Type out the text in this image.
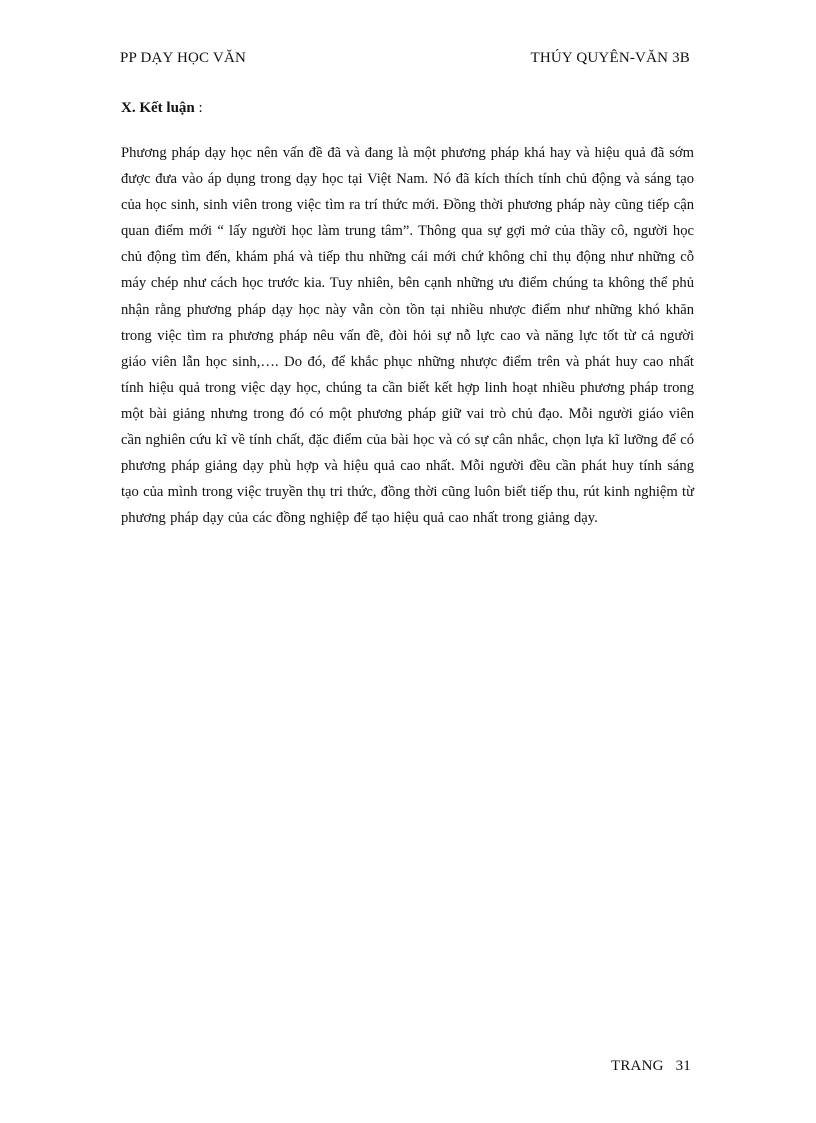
PP DẠY HỌC VĂN	THÚY QUYÊN-VĂN 3B
X. Kết luận :
Phương pháp dạy học nên vấn đề đã và đang là một phương pháp khá hay và hiệu quả đã sớm được đưa vào áp dụng trong dạy học tại Việt Nam. Nó đã kích thích tính chủ động và sáng tạo của học sinh, sinh viên trong việc tìm ra trí thức mới. Đồng thời phương pháp này cũng tiếp cận quan điểm mới “ lấy người học làm trung tâm”. Thông qua sự gợi mở của thầy cô, người học chủ động tìm đến, khám phá và tiếp thu những cái mới chứ không chỉ thụ động như những cỗ máy chép như cách học trước kia. Tuy nhiên, bên cạnh những ưu điểm chúng ta không thể phủ nhận rằng phương pháp dạy học này vẫn còn tồn tại nhiều nhược điểm như những khó khăn trong việc tìm ra phương pháp nêu vấn đề, đòi hỏi sự nỗ lực cao và năng lực tốt từ cả người giáo viên lẫn học sinh,…. Do đó, để khắc phục những nhược điểm trên và phát huy cao nhất tính hiệu quả trong việc dạy học, chúng ta cần biết kết hợp linh hoạt nhiều phương pháp trong một bài giảng nhưng trong đó có một phương pháp giữ vai trò chủ đạo. Mỗi người giáo viên cần nghiên cứu kĩ về tính chất, đặc điểm của bài học và có sự cân nhắc, chọn lựa kĩ lưỡng để có phương pháp giảng dạy phù hợp và hiệu quả cao nhất. Mỗi người đều cần phát huy tính sáng tạo của mình trong việc truyền thụ tri thức, đồng thời cũng luôn biết tiếp thu, rút kinh nghiệm từ phương pháp dạy của các đồng nghiệp để tạo hiệu quả cao nhất trong giảng dạy.
TRANG 31
